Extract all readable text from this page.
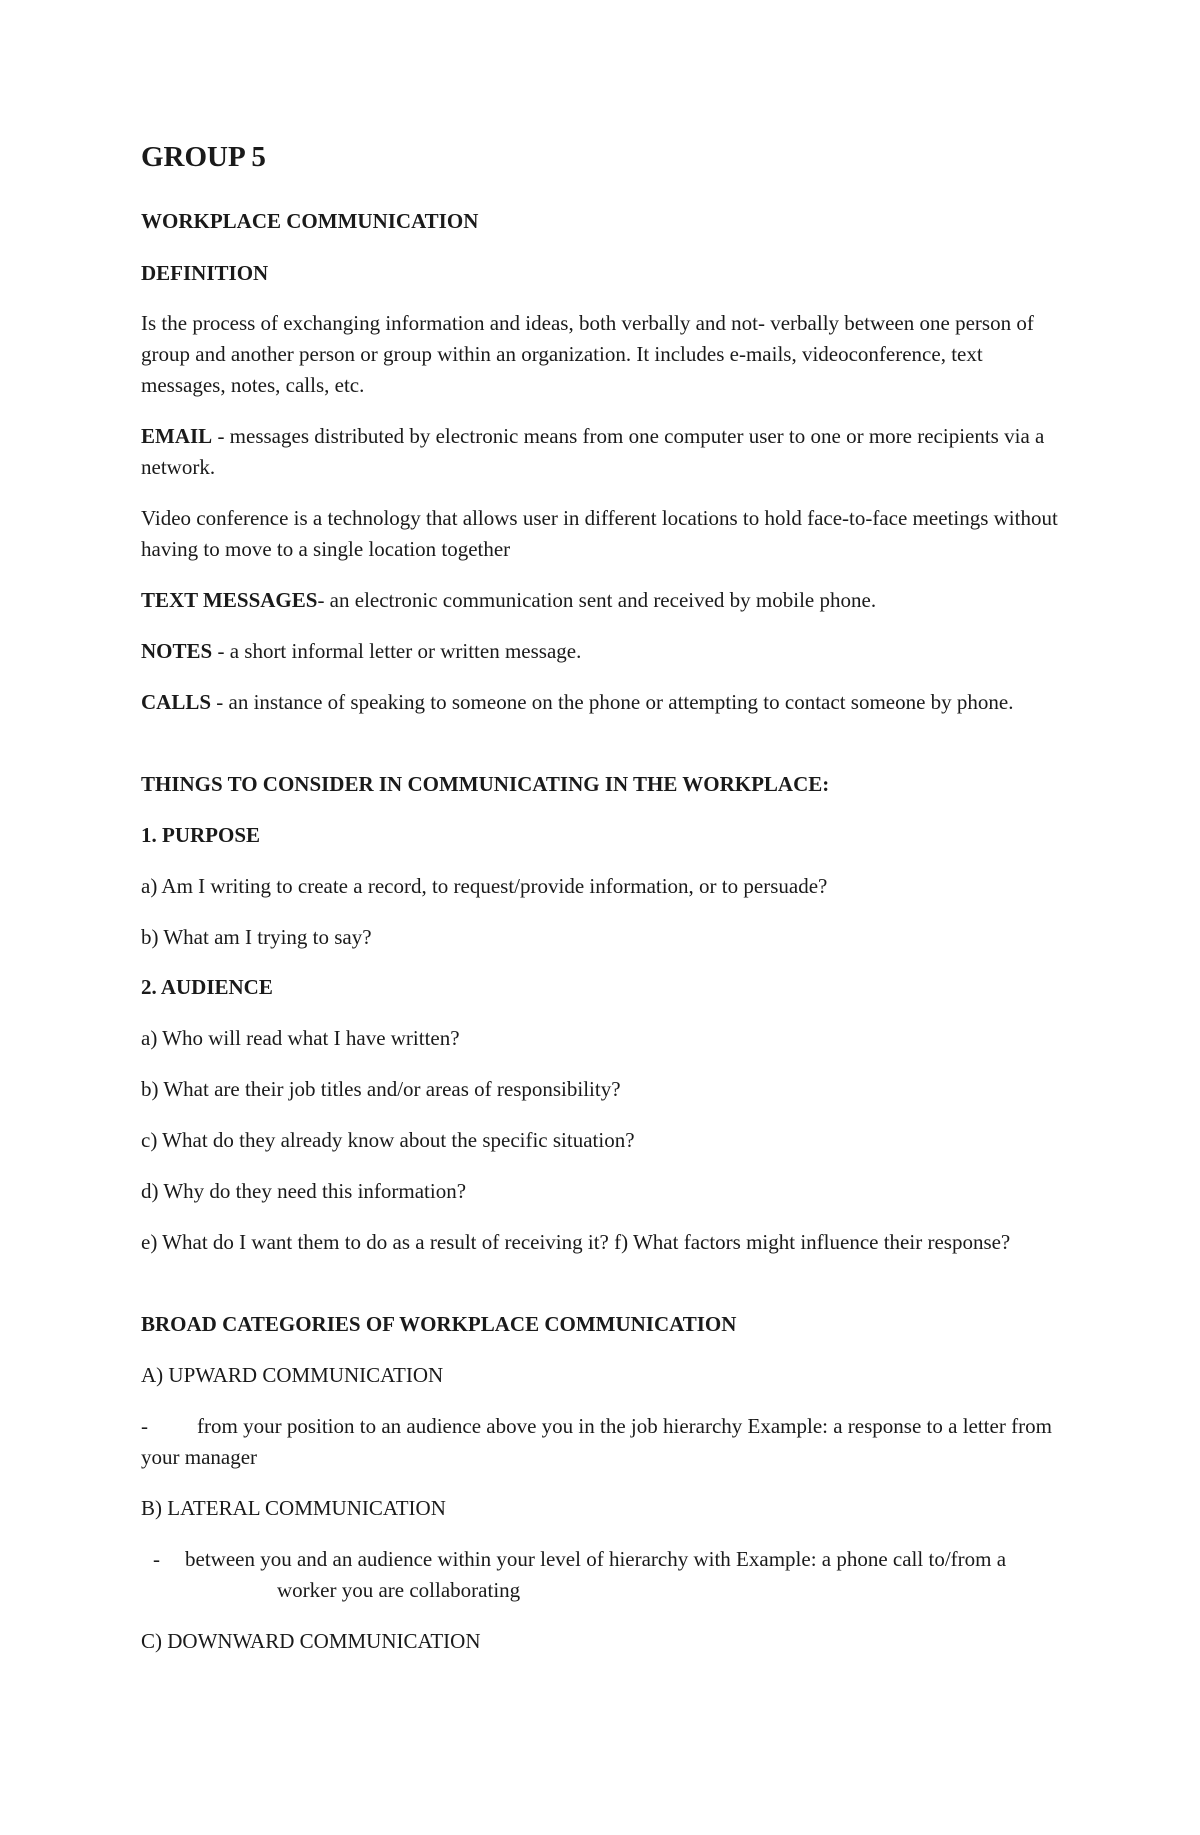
GROUP 5

WORKPLACE COMMUNICATION

DEFINITION

Is the process of exchanging information and ideas, both verbally and not- verbally between one person of group and another person or group within an organization. It includes e-mails, videoconference, text messages, notes, calls, etc.

EMAIL - messages distributed by electronic means from one computer user to one or more recipients via a network.

Video conference is a technology that allows user in different locations to hold face-to-face meetings without having to move to a single location together

TEXT MESSAGES- an electronic communication sent and received by mobile phone.

NOTES - a short informal letter or written message.

CALLS - an instance of speaking to someone on the phone or attempting to contact someone by phone.

THINGS TO CONSIDER IN COMMUNICATING IN THE WORKPLACE:

1. PURPOSE

a) Am I writing to create a record, to request/provide information, or to persuade?

b) What am I trying to say?

2. AUDIENCE

a) Who will read what I have written?

b) What are their job titles and/or areas of responsibility?

c) What do they already know about the specific situation?

d) Why do they need this information?

e) What do I want them to do as a result of receiving it? f) What factors might influence their response?

BROAD CATEGORIES OF WORKPLACE COMMUNICATION

A) UPWARD COMMUNICATION

- from your position to an audience above you in the job hierarchy Example: a response to a letter from your manager

B) LATERAL COMMUNICATION

- between you and an audience within your level of hierarchy with Example: a phone call to/from aworker you are collaborating

C) DOWNWARD COMMUNICATION
